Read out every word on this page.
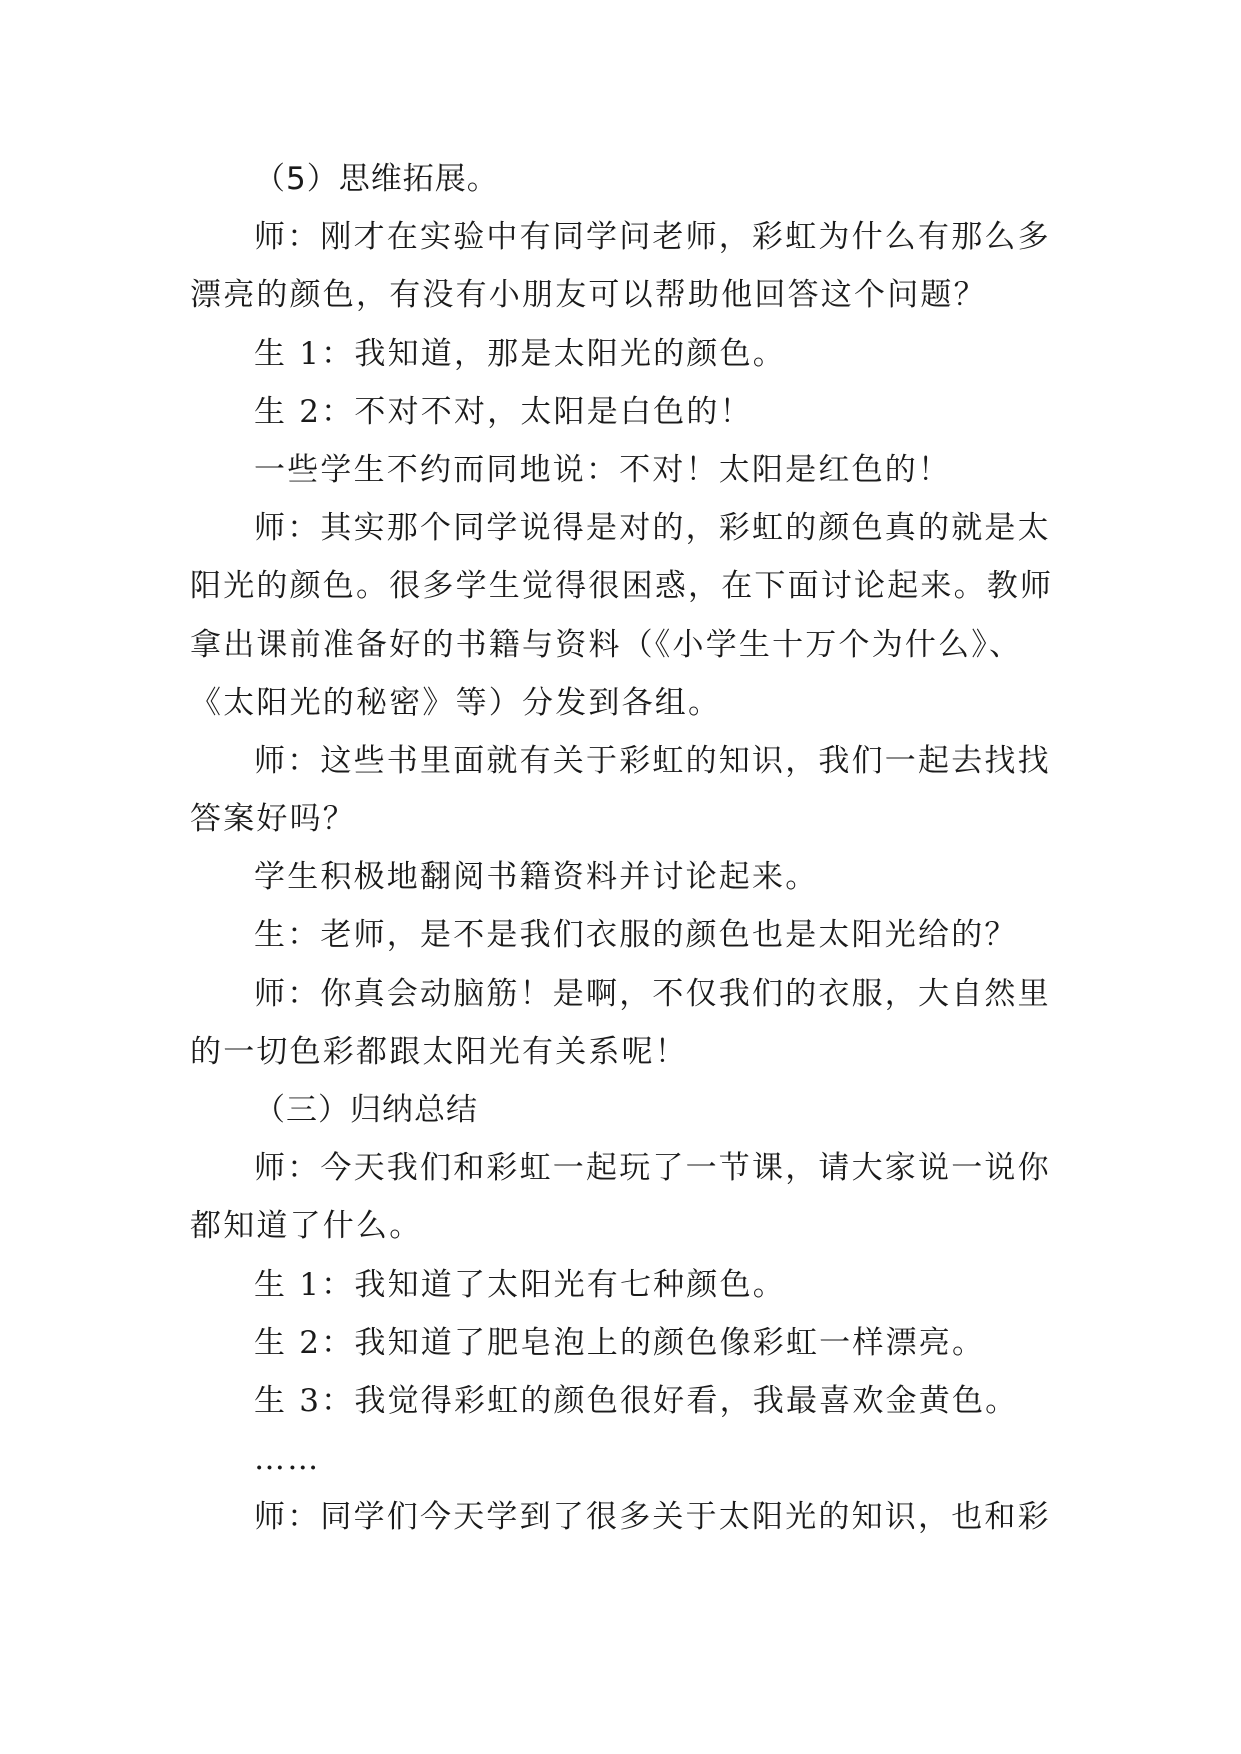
（5）思维拓展。
师：刚才在实验中有同学问老师，彩虹为什么有那么多
漂亮的颜色，有没有小朋友可以帮助他回答这个问题？
生 1：我知道，那是太阳光的颜色。
生 2：不对不对，太阳是白色的！
一些学生不约而同地说：不对！太阳是红色的！
师：其实那个同学说得是对的，彩虹的颜色真的就是太
阳光的颜色。很多学生觉得很困惑，在下面讨论起来。教师
拿出课前准备好的书籍与资料（《小学生十万个为什么》、
《太阳光的秘密》等）分发到各组。
师：这些书里面就有关于彩虹的知识，我们一起去找找
答案好吗？
学生积极地翻阅书籍资料并讨论起来。
生：老师，是不是我们衣服的颜色也是太阳光给的？
师：你真会动脑筋！是啊，不仅我们的衣服，大自然里
的一切色彩都跟太阳光有关系呢！
（三）归纳总结
师：今天我们和彩虹一起玩了一节课，请大家说一说你
都知道了什么。
生 1：我知道了太阳光有七种颜色。
生 2：我知道了肥皂泡上的颜色像彩虹一样漂亮。
生 3：我觉得彩虹的颜色很好看，我最喜欢金黄色。
……
师：同学们今天学到了很多关于太阳光的知识，也和彩
